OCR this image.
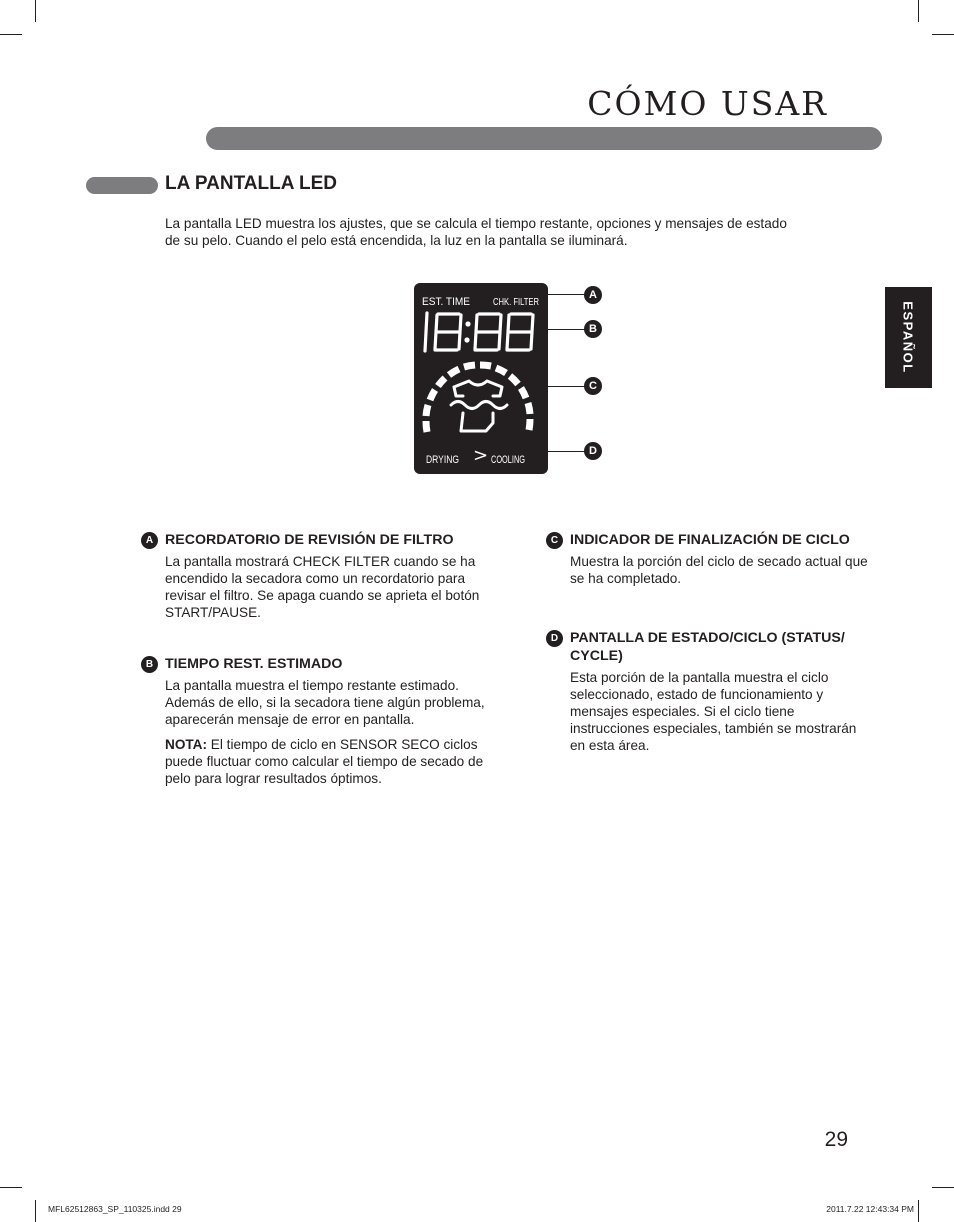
CÓMO USAR
ESPAÑOL
LA PANTALLA LED

La pantalla LED muestra los ajustes, que se calcula el tiempo restante, opciones y mensajes de estado de su pelo. Cuando el pelo está encendida, la luz en la pantalla se iluminará.

EST. TIME CHK. FILTER
18:88
DRYING > COOLING
A
B
C
D
A RECORDATORIO DE REVISIÓN DE FILTRO

La pantalla mostrará CHECK FILTER cuando se ha encendido la secadora como un recordatorio para revisar el filtro. Se apaga cuando se aprieta el botón START/PAUSE.

B TIEMPO REST. ESTIMADO

La pantalla muestra el tiempo restante estimado. Además de ello, si la secadora tiene algún problema, aparecerán mensaje de error en pantalla.

NOTA: El tiempo de ciclo en SENSOR SECO ciclos puede fluctuar como calcular el tiempo de secado de pelo para lograr resultados óptimos.

C INDICADOR DE FINALIZACIÓN DE CICLO

Muestra la porción del ciclo de secado actual que se ha completado.

D PANTALLA DE ESTADO/CICLO (STATUS/ CYCLE)

Esta porción de la pantalla muestra el ciclo seleccionado, estado de funcionamiento y mensajes especiales. Si el ciclo tiene instrucciones especiales, también se mostrarán en esta área.

29
MFL62512863_SP_110325.indd 29	2011.7.22 12:43:34 PM
